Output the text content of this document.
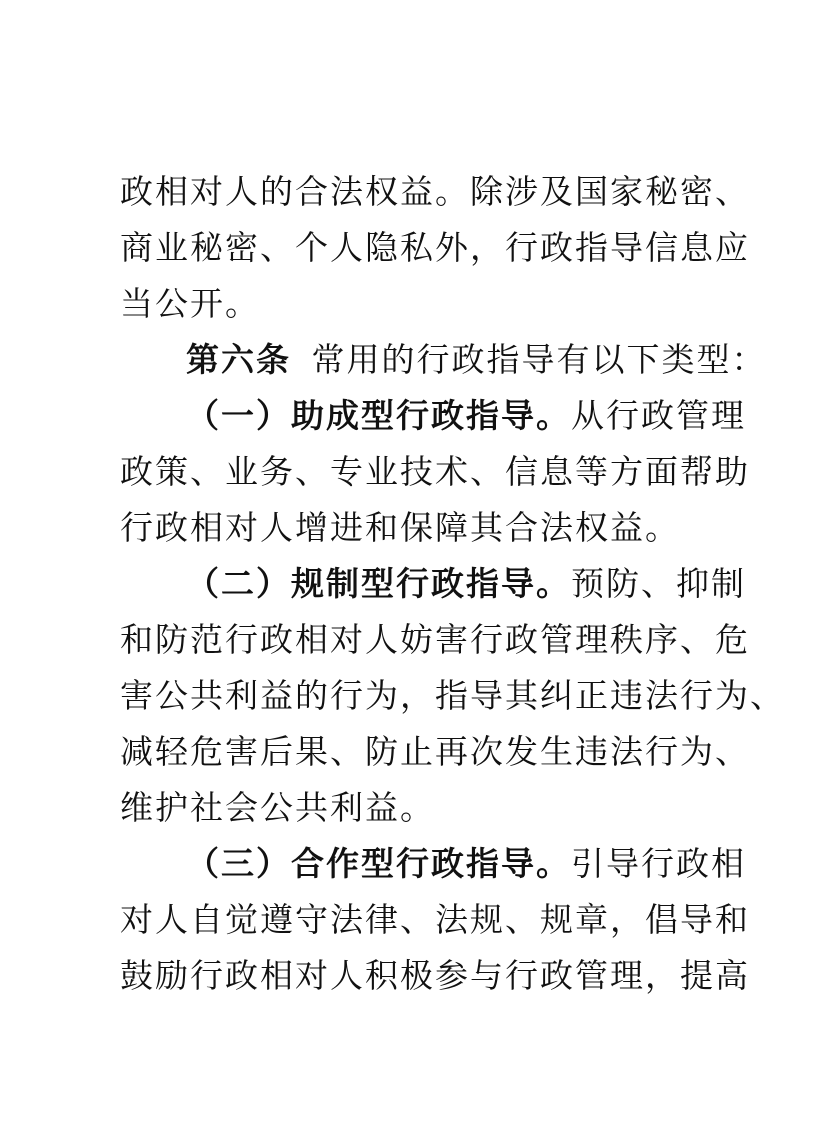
政相对人的合法权益。除涉及国家秘密、
商业秘密、个人隐私外，行政指导信息应
当公开。
第六条 常用的行政指导有以下类型：
（一）助成型行政指导。从行政管理
政策、业务、专业技术、信息等方面帮助
行政相对人增进和保障其合法权益。
（二）规制型行政指导。预防、抑制
和防范行政相对人妨害行政管理秩序、危
害公共利益的行为，指导其纠正违法行为、
减轻危害后果、防止再次发生违法行为、
维护社会公共利益。
（三）合作型行政指导。引导行政相
对人自觉遵守法律、法规、规章，倡导和
鼓励行政相对人积极参与行政管理，提高
